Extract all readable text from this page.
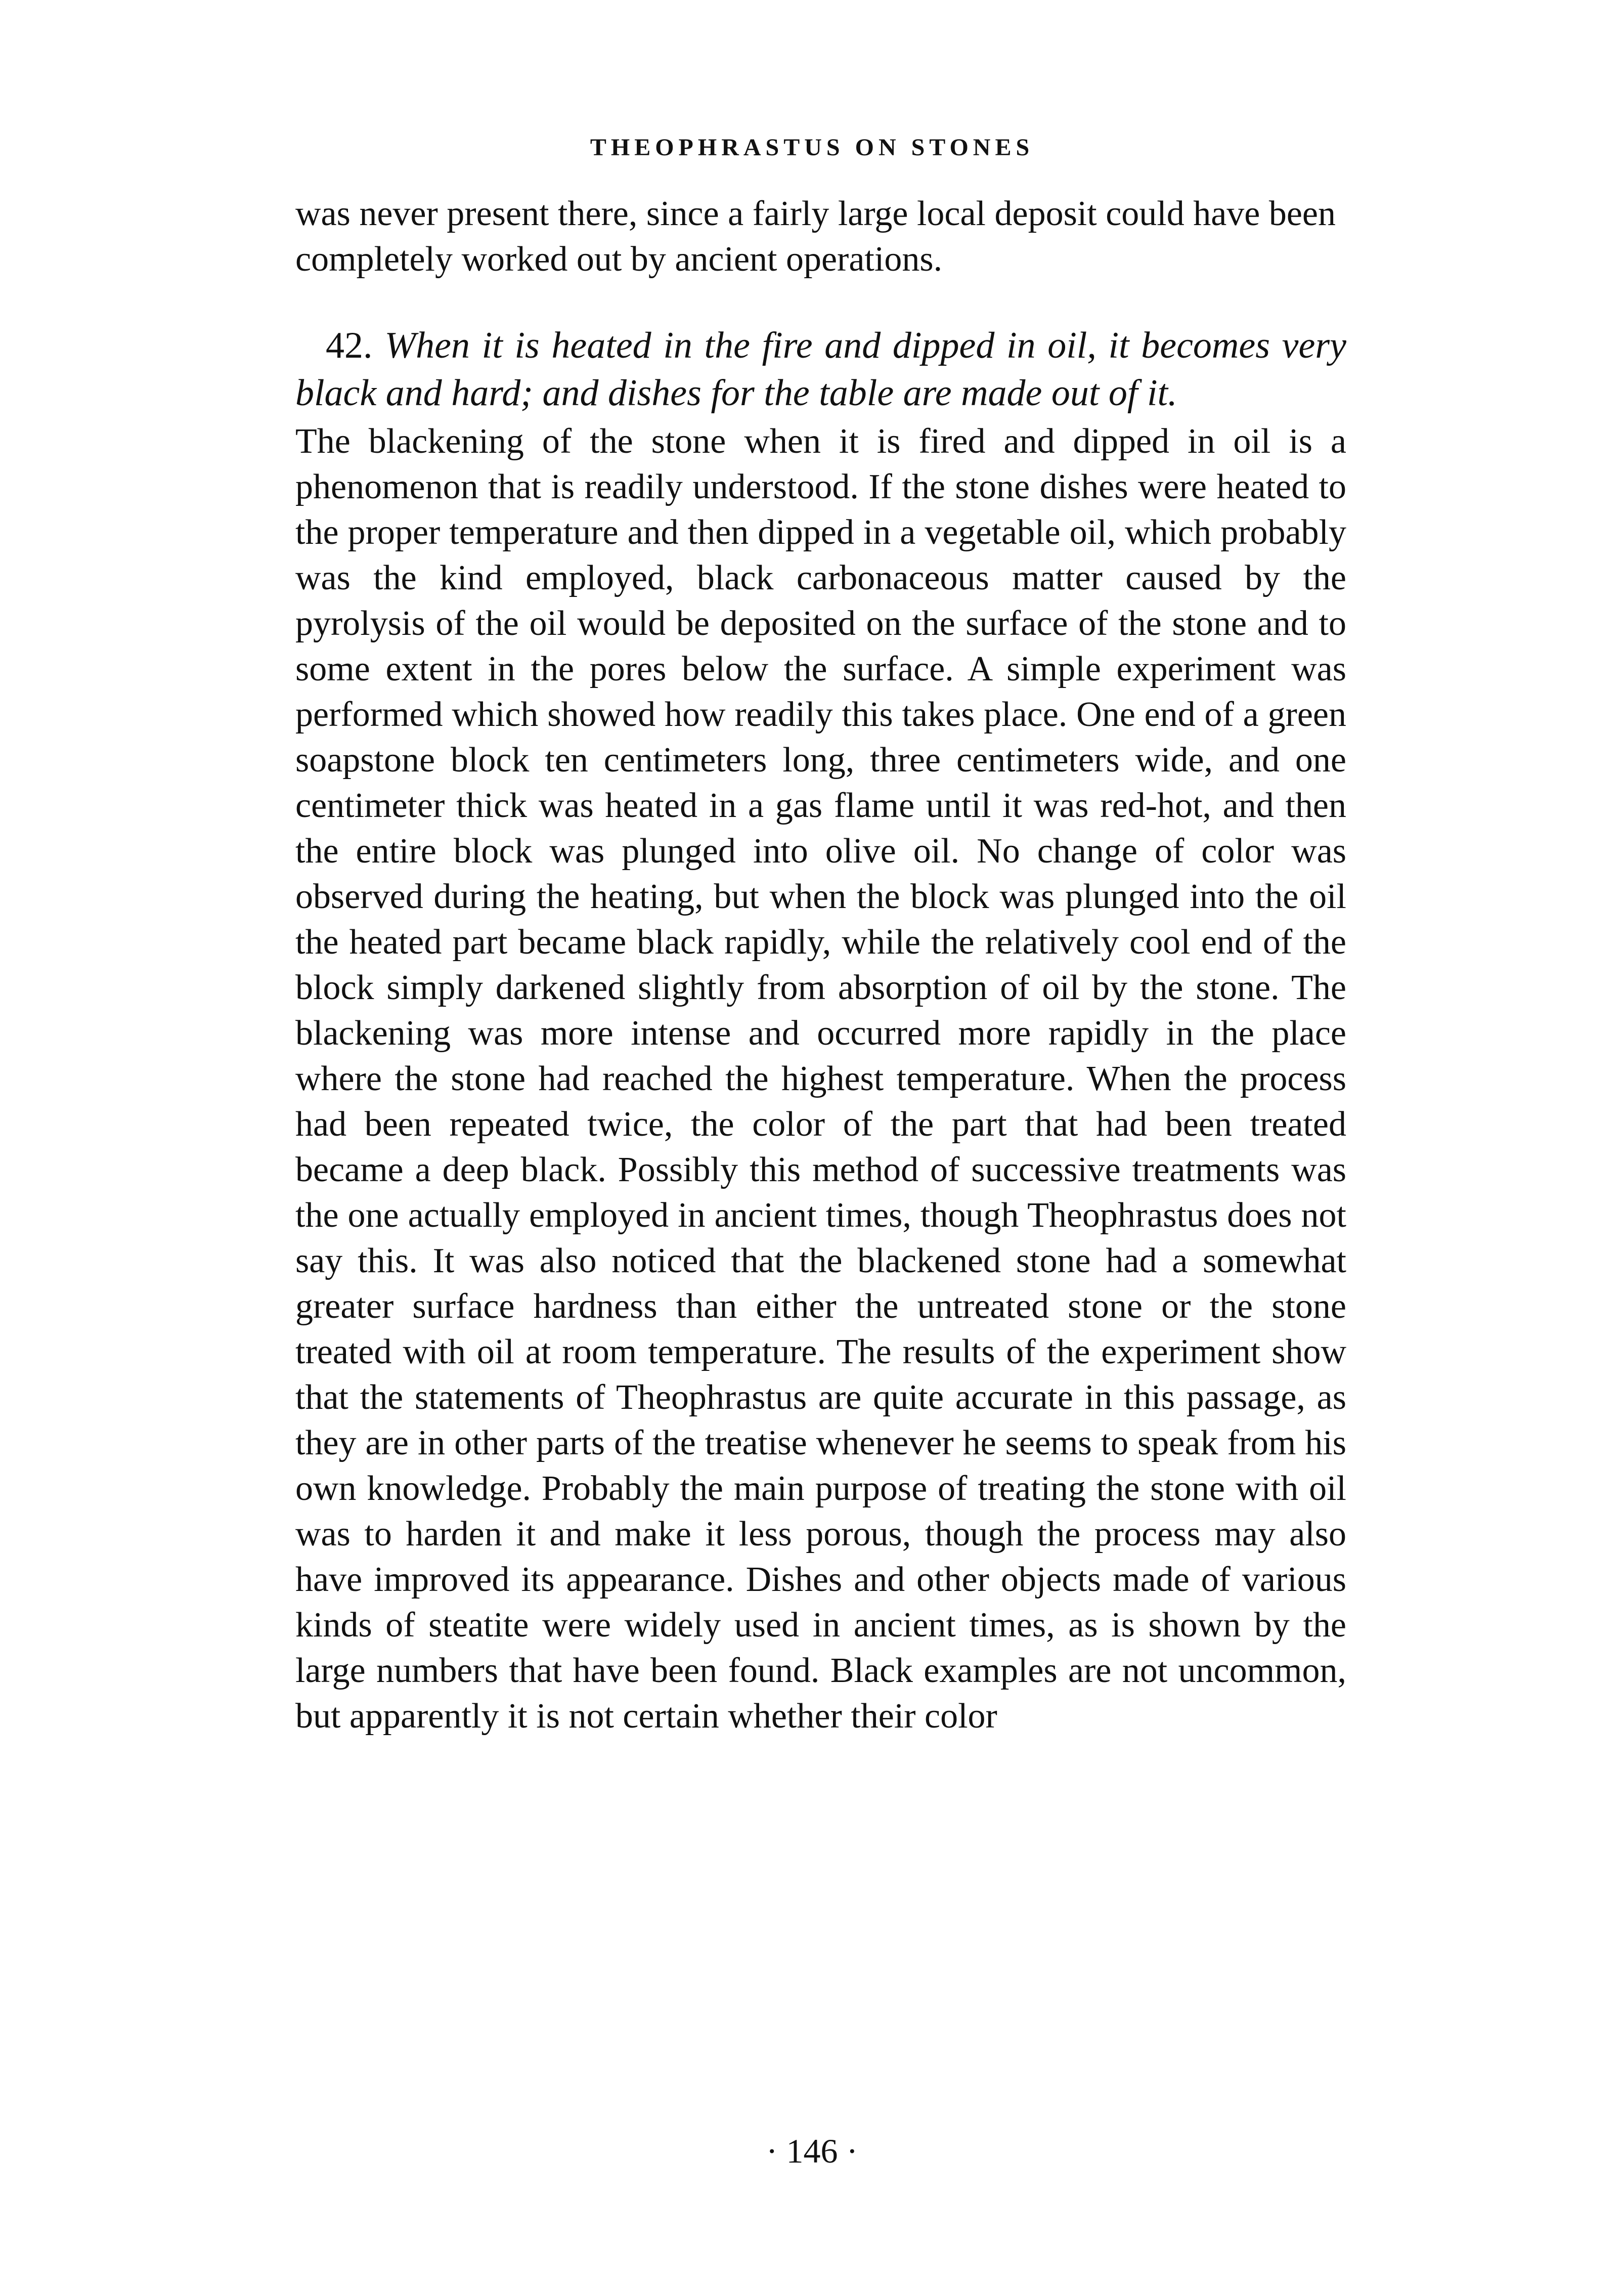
THEOPHRASTUS ON STONES

was never present there, since a fairly large local deposit could have been completely worked out by ancient operations.

42. When it is heated in the fire and dipped in oil, it becomes very black and hard; and dishes for the table are made out of it.

The blackening of the stone when it is fired and dipped in oil is a phenomenon that is readily understood. If the stone dishes were heated to the proper temperature and then dipped in a vegetable oil, which probably was the kind employed, black carbonaceous matter caused by the pyrolysis of the oil would be deposited on the surface of the stone and to some extent in the pores below the surface. A simple experiment was performed which showed how readily this takes place. One end of a green soapstone block ten centimeters long, three centimeters wide, and one centimeter thick was heated in a gas flame until it was red-hot, and then the entire block was plunged into olive oil. No change of color was observed during the heating, but when the block was plunged into the oil the heated part became black rapidly, while the relatively cool end of the block simply darkened slightly from absorption of oil by the stone. The blackening was more intense and occurred more rapidly in the place where the stone had reached the highest temperature. When the process had been repeated twice, the color of the part that had been treated became a deep black. Possibly this method of successive treatments was the one actually employed in ancient times, though Theophrastus does not say this. It was also noticed that the blackened stone had a somewhat greater surface hardness than either the untreated stone or the stone treated with oil at room temperature. The results of the experiment show that the statements of Theophrastus are quite accurate in this passage, as they are in other parts of the treatise whenever he seems to speak from his own knowledge. Probably the main purpose of treating the stone with oil was to harden it and make it less porous, though the process may also have improved its appearance. Dishes and other objects made of various kinds of steatite were widely used in ancient times, as is shown by the large numbers that have been found. Black examples are not uncommon, but apparently it is not certain whether their color

· 146 ·
